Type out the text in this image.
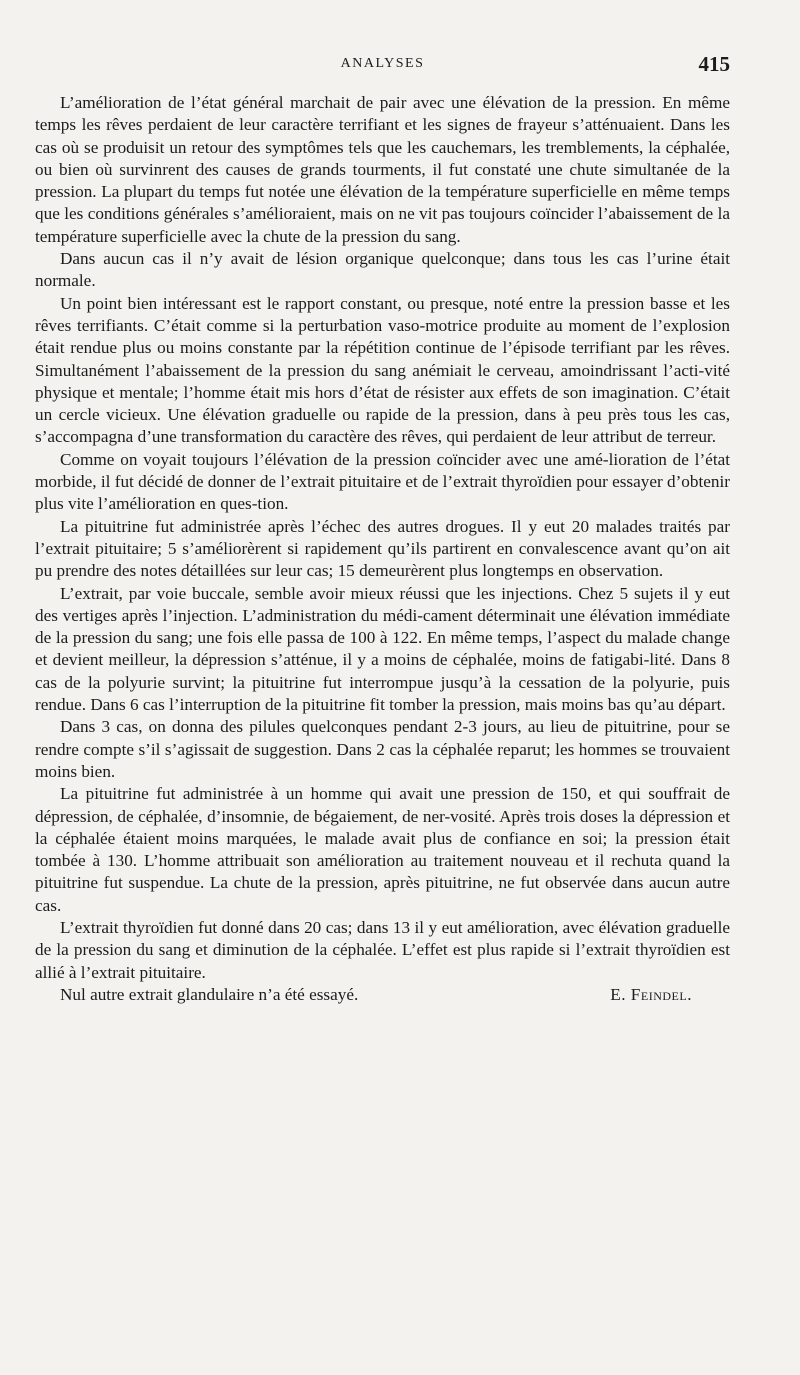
ANALYSES	415

L’amélioration de l’état général marchait de pair avec une élévation de la pression. En même temps les rêves perdaient de leur caractère terrifiant et les signes de frayeur s’atténuaient. Dans les cas où se produisit un retour des symptômes tels que les cauchemars, les tremblements, la céphalée, ou bien où survinrent des causes de grands tourments, il fut constaté une chute simultanée de la pression. La plupart du temps fut notée une élévation de la température superficielle en même temps que les conditions générales s’amélioraient, mais on ne vit pas toujours coïncider l’abaissement de la température superficielle avec la chute de la pression du sang.

Dans aucun cas il n’y avait de lésion organique quelconque; dans tous les cas l’urine était normale.

Un point bien intéressant est le rapport constant, ou presque, noté entre la pression basse et les rêves terrifiants. C’était comme si la perturbation vaso-motrice produite au moment de l’explosion était rendue plus ou moins constante par la répétition continue de l’épisode terrifiant par les rêves. Simultanément l’abaissement de la pression du sang anémiait le cerveau, amoindrissant l’acti-vité physique et mentale; l’homme était mis hors d’état de résister aux effets de son imagination. C’était un cercle vicieux. Une élévation graduelle ou rapide de la pression, dans à peu près tous les cas, s’accompagna d’une transformation du caractère des rêves, qui perdaient de leur attribut de terreur.

Comme on voyait toujours l’élévation de la pression coïncider avec une amé-lioration de l’état morbide, il fut décidé de donner de l’extrait pituitaire et de l’extrait thyroïdien pour essayer d’obtenir plus vite l’amélioration en ques-tion.

La pituitrine fut administrée après l’échec des autres drogues. Il y eut 20 malades traités par l’extrait pituitaire; 5 s’améliorèrent si rapidement qu’ils partirent en convalescence avant qu’on ait pu prendre des notes détaillées sur leur cas; 15 demeurèrent plus longtemps en observation.

L’extrait, par voie buccale, semble avoir mieux réussi que les injections. Chez 5 sujets il y eut des vertiges après l’injection. L’administration du médi-cament déterminait une élévation immédiate de la pression du sang; une fois elle passa de 100 à 122. En même temps, l’aspect du malade change et devient meilleur, la dépression s’atténue, il y a moins de céphalée, moins de fatigabi-lité. Dans 8 cas de la polyurie survint; la pituitrine fut interrompue jusqu’à la cessation de la polyurie, puis rendue. Dans 6 cas l’interruption de la pituitrine fit tomber la pression, mais moins bas qu’au départ.

Dans 3 cas, on donna des pilules quelconques pendant 2-3 jours, au lieu de pituitrine, pour se rendre compte s’il s’agissait de suggestion. Dans 2 cas la céphalée reparut; les hommes se trouvaient moins bien.

La pituitrine fut administrée à un homme qui avait une pression de 150, et qui souffrait de dépression, de céphalée, d’insomnie, de bégaiement, de ner-vosité. Après trois doses la dépression et la céphalée étaient moins marquées, le malade avait plus de confiance en soi; la pression était tombée à 130. L’homme attribuait son amélioration au traitement nouveau et il rechuta quand la pituitrine fut suspendue. La chute de la pression, après pituitrine, ne fut observée dans aucun autre cas.

L’extrait thyroïdien fut donné dans 20 cas; dans 13 il y eut amélioration, avec élévation graduelle de la pression du sang et diminution de la céphalée. L’effet est plus rapide si l’extrait thyroïdien est allié à l’extrait pituitaire.

Nul autre extrait glandulaire n’a été essayé.	E. Feindel.
